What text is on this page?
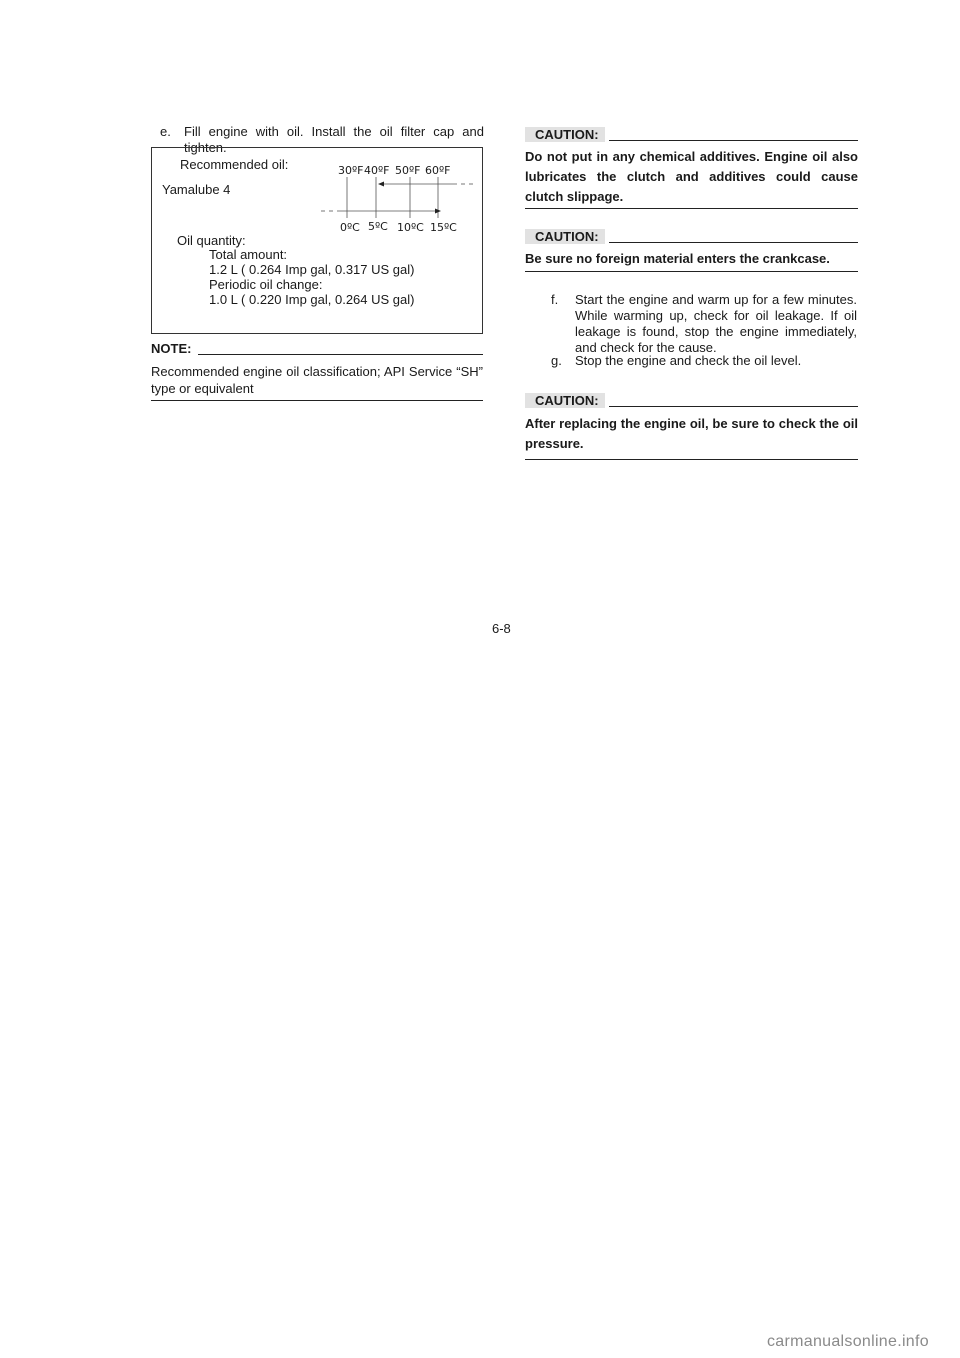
e.	Fill engine with oil. Install the oil filter cap and tighten.
Recommended oil:
Yamalube 4
Oil quantity:
Total amount:
1.2 L ( 0.264 Imp gal, 0.317 US gal)
Periodic oil change:
1.0 L ( 0.220 Imp gal, 0.264 US gal)
30ºF 40ºF 50ºF 60ºF
0ºC 5ºC 10ºC 15ºC
NOTE:
Recommended engine oil classification; API Service “SH” type or equivalent
CAUTION:
Do not put in any chemical additives. Engine oil also lubricates the clutch and additives could cause clutch slippage.
CAUTION:
Be sure no foreign material enters the crankcase.
f.	Start the engine and warm up for a few minutes. While warming up, check for oil leakage. If oil leakage is found, stop the engine immediately, and check for the cause.
g.	Stop the engine and check the oil level.
CAUTION:
After replacing the engine oil, be sure to check the oil pressure.
6-8
carmanualsonline.info
